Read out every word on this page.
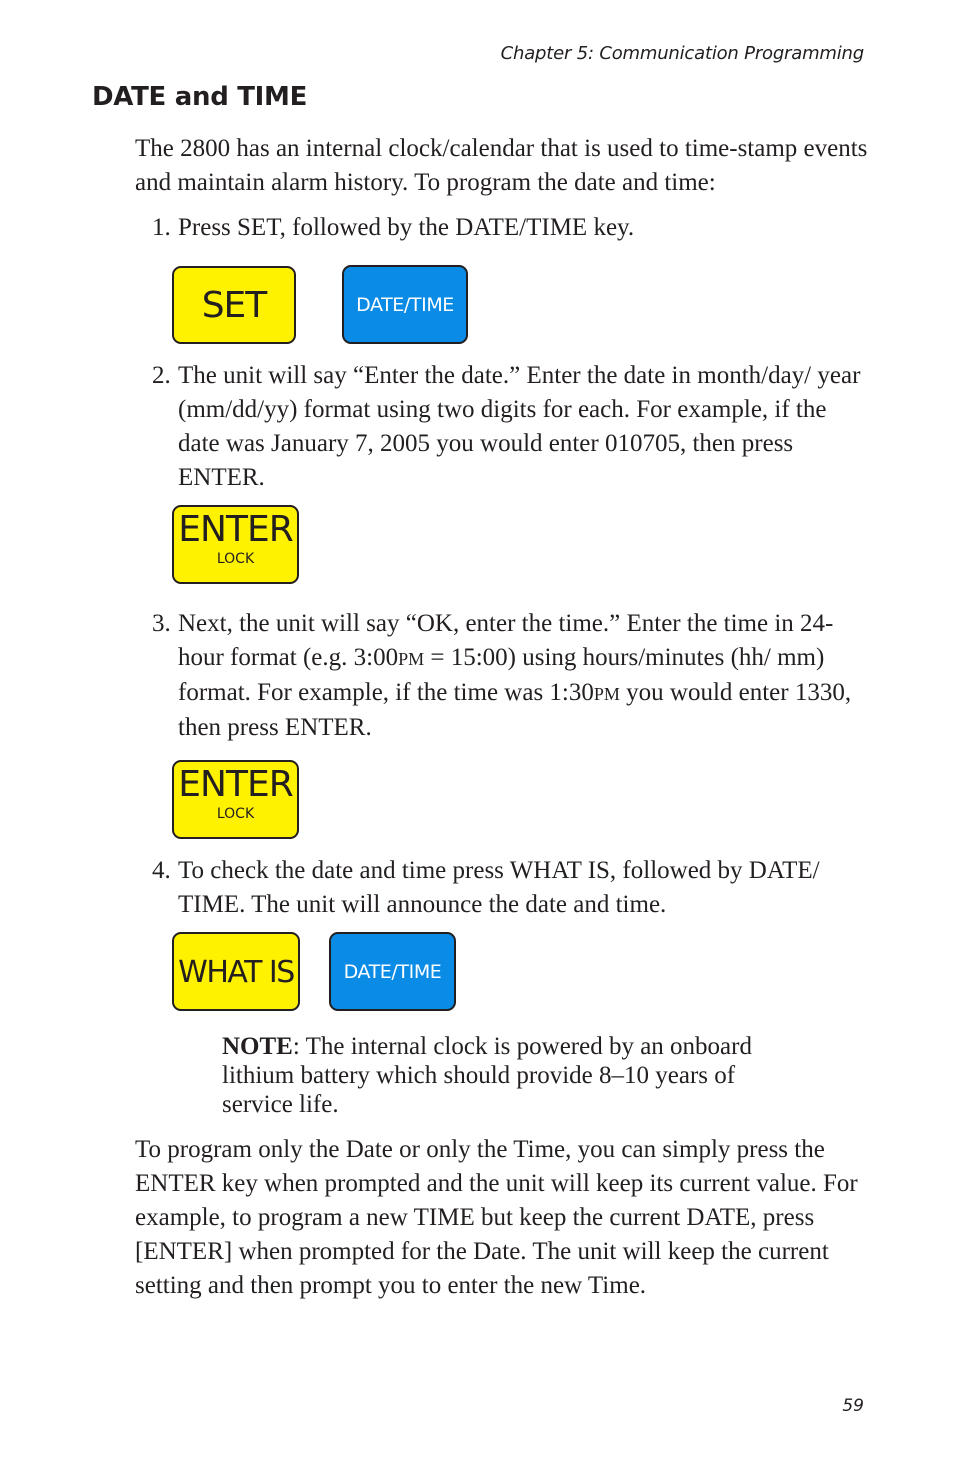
Chapter 5: Communication Programming
DATE and TIME
The 2800 has an internal clock/calendar that is used to time-stamp events and maintain alarm history. To program the date and time:
1. Press SET, followed by the DATE/TIME key.
SET	DATE/TIME
2. The unit will say “Enter the date.” Enter the date in month/day/ year (mm/dd/yy) format using two digits for each. For example, if the date was January 7, 2005 you would enter 010705, then press ENTER.
ENTER
LOCK
3. Next, the unit will say “OK, enter the time.” Enter the time in 24-hour format (e.g. 3:00PM = 15:00) using hours/minutes (hh/ mm) format. For example, if the time was 1:30PM you would enter 1330, then press ENTER.
ENTER
LOCK
4. To check the date and time press WHAT IS, followed by DATE/ TIME. The unit will announce the date and time.
WHAT IS	DATE/TIME
NOTE: The internal clock is powered by an onboard lithium battery which should provide 8–10 years of service life.
To program only the Date or only the Time, you can simply press the ENTER key when prompted and the unit will keep its current value. For example, to program a new TIME but keep the current DATE, press [ENTER] when prompted for the Date. The unit will keep the current setting and then prompt you to enter the new Time.
59
